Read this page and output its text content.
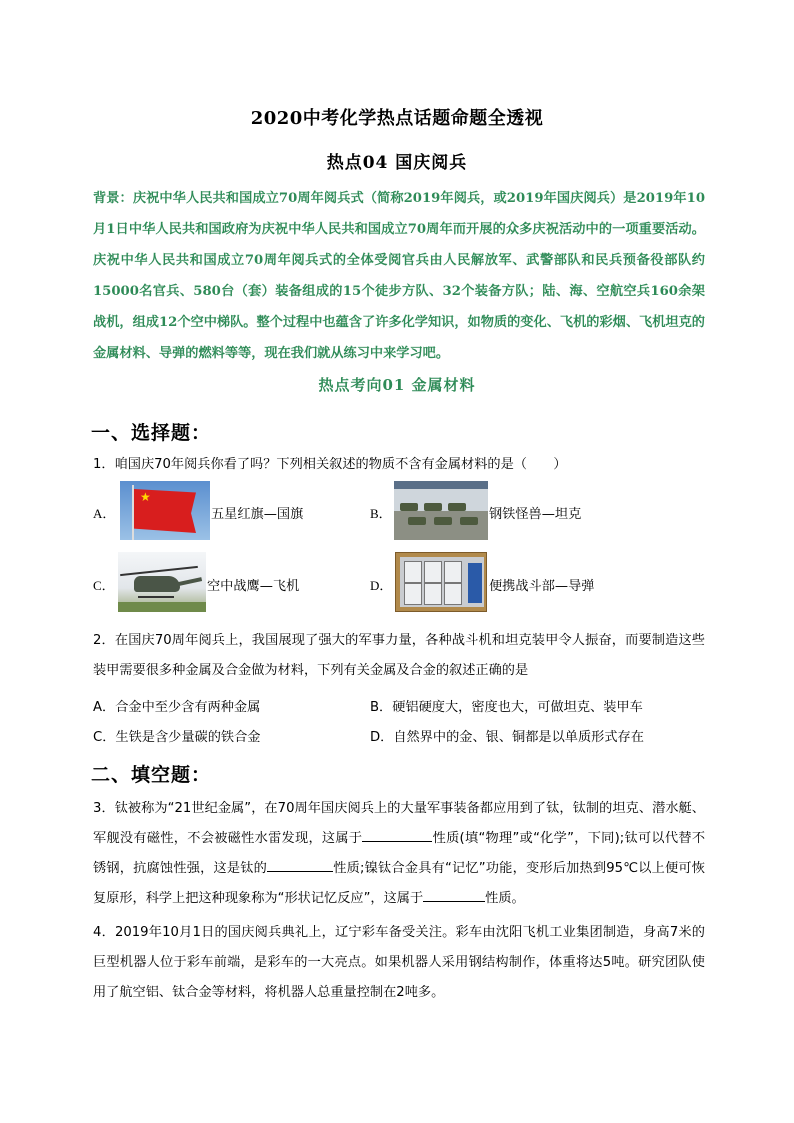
2020中考化学热点话题命题全透视
热点04 国庆阅兵
背景：庆祝中华人民共和国成立70周年阅兵式（简称2019年阅兵，或2019年国庆阅兵）是2019年10月1日中华人民共和国政府为庆祝中华人民共和国成立70周年而开展的众多庆祝活动中的一项重要活动。庆祝中华人民共和国成立70周年阅兵式的全体受阅官兵由人民解放军、武警部队和民兵预备役部队约15000名官兵、580台（套）装备组成的15个徒步方队、32个装备方队；陆、海、空航空兵160余架战机，组成12个空中梯队。整个过程中也蕴含了许多化学知识，如物质的变化、飞机的彩烟、飞机坦克的金属材料、导弹的燃料等等，现在我们就从练习中来学习吧。
热点考向01 金属材料
一、选择题：
1．咱国庆70年阅兵你看了吗？下列相关叙述的物质不含有金属材料的是（　　）
A．
★
五星红旗—国旗	B．	钢铁怪兽—坦克
C．	空中战鹰—飞机	D．	便携战斗部—导弹
2．在国庆70周年阅兵上，我国展现了强大的军事力量，各种战斗机和坦克装甲令人振奋，而要制造这些装甲需要很多种金属及合金做为材料，下列有关金属及合金的叙述正确的是
A．合金中至少含有两种金属	B．硬铝硬度大，密度也大，可做坦克、装甲车
C．生铁是含少量碳的铁合金	D．自然界中的金、银、铜都是以单质形式存在
二、填空题：
3．钛被称为“21世纪金属”，在70周年国庆阅兵上的大量军事装备都应用到了钛，钛制的坦克、潜水艇、军舰没有磁性，不会被磁性水雷发现，这属于	性质(填“物理”或“化学”，下同);钛可以代替不锈钢，抗腐蚀性强，这是钛的	性质;镍钛合金具有“记忆”功能，变形后加热到95℃以上便可恢复原形，科学上把这种现象称为“形状记忆反应”，这属于	性质。
4．2019年10月1日的国庆阅兵典礼上，辽宁彩车备受关注。彩车由沈阳飞机工业集团制造，身高7米的巨型机器人位于彩车前端，是彩车的一大亮点。如果机器人采用钢结构制作，体重将达5吨。研究团队使用了航空铝、钛合金等材料，将机器人总重量控制在2吨多。
